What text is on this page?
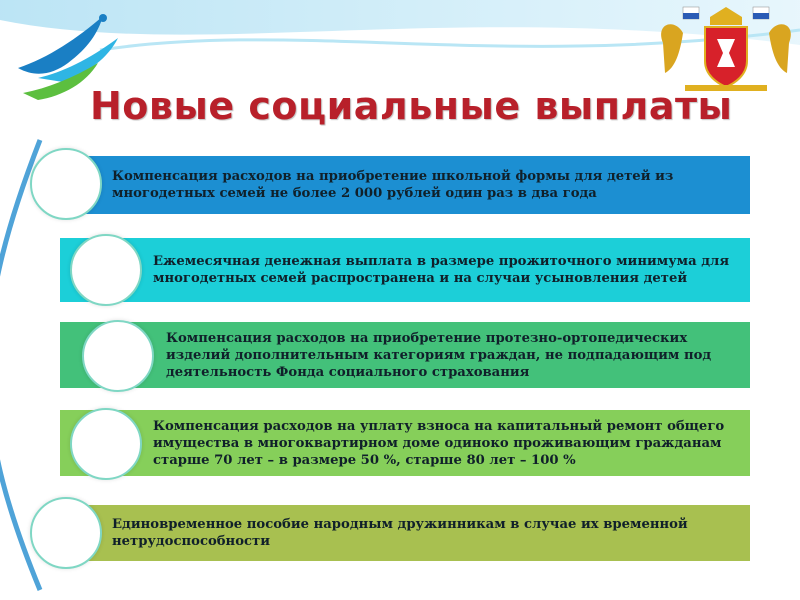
Новые социальные выплаты
Компенсация расходов на приобретение школьной формы для детей из многодетных семей не более 2 000 рублей один раз в два года
Ежемесячная денежная выплата в размере прожиточного минимума для многодетных семей распространена и на случаи усыновления детей
Компенсация расходов на приобретение протезно-ортопедических изделий дополнительным категориям граждан, не подпадающим под деятельность Фонда социального страхования
Компенсация расходов на уплату взноса на капитальный ремонт общего имущества в многоквартирном доме одиноко проживающим гражданам старше 70 лет – в размере 50 %, старше 80 лет – 100 %
Единовременное пособие народным дружинникам в случае их временной нетрудоспособности
